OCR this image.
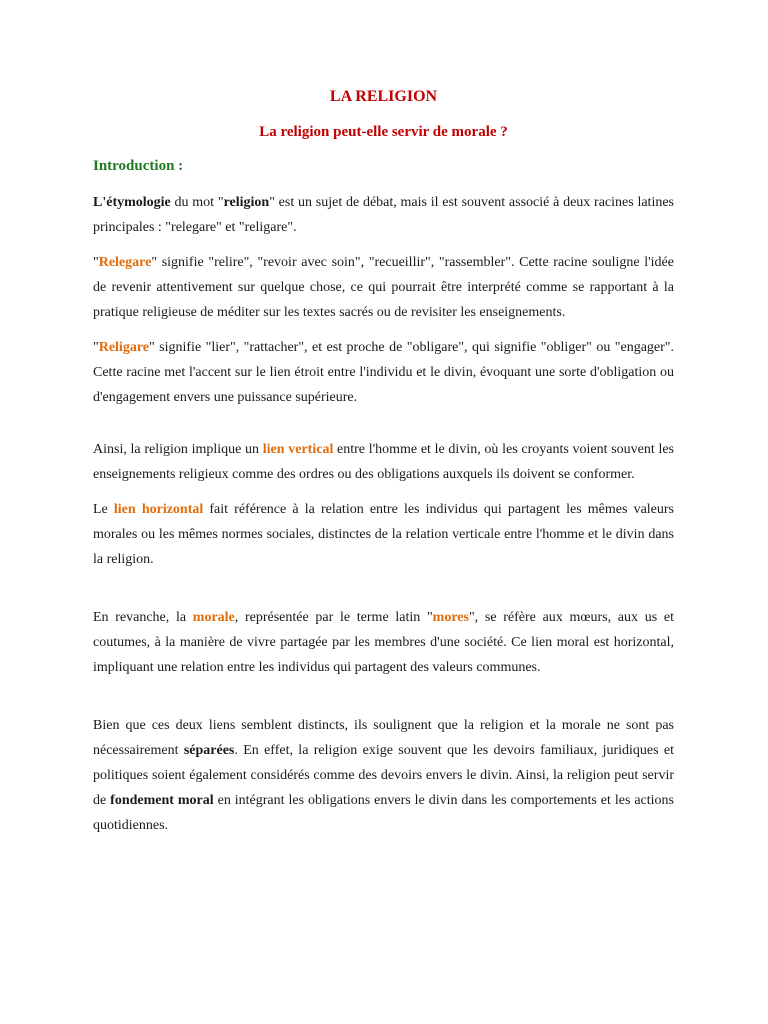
LA RELIGION
La religion peut-elle servir de morale ?
Introduction :

L'étymologie du mot "religion" est un sujet de débat, mais il est souvent associé à deux racines latines principales : "relegare" et "religare".

"Relegare" signifie "relire", "revoir avec soin", "recueillir", "rassembler". Cette racine souligne l'idée de revenir attentivement sur quelque chose, ce qui pourrait être interprété comme se rapportant à la pratique religieuse de méditer sur les textes sacrés ou de revisiter les enseignements.

"Religare" signifie "lier", "rattacher", et est proche de "obligare", qui signifie "obliger" ou "engager". Cette racine met l'accent sur le lien étroit entre l'individu et le divin, évoquant une sorte d'obligation ou d'engagement envers une puissance supérieure.

Ainsi, la religion implique un lien vertical entre l'homme et le divin, où les croyants voient souvent les enseignements religieux comme des ordres ou des obligations auxquels ils doivent se conformer.

Le lien horizontal fait référence à la relation entre les individus qui partagent les mêmes valeurs morales ou les mêmes normes sociales, distinctes de la relation verticale entre l'homme et le divin dans la religion.

En revanche, la morale, représentée par le terme latin "mores", se réfère aux mœurs, aux us et coutumes, à la manière de vivre partagée par les membres d'une société. Ce lien moral est horizontal, impliquant une relation entre les individus qui partagent des valeurs communes.

Bien que ces deux liens semblent distincts, ils soulignent que la religion et la morale ne sont pas nécessairement séparées. En effet, la religion exige souvent que les devoirs familiaux, juridiques et politiques soient également considérés comme des devoirs envers le divin. Ainsi, la religion peut servir de fondement moral en intégrant les obligations envers le divin dans les comportements et les actions quotidiennes.
